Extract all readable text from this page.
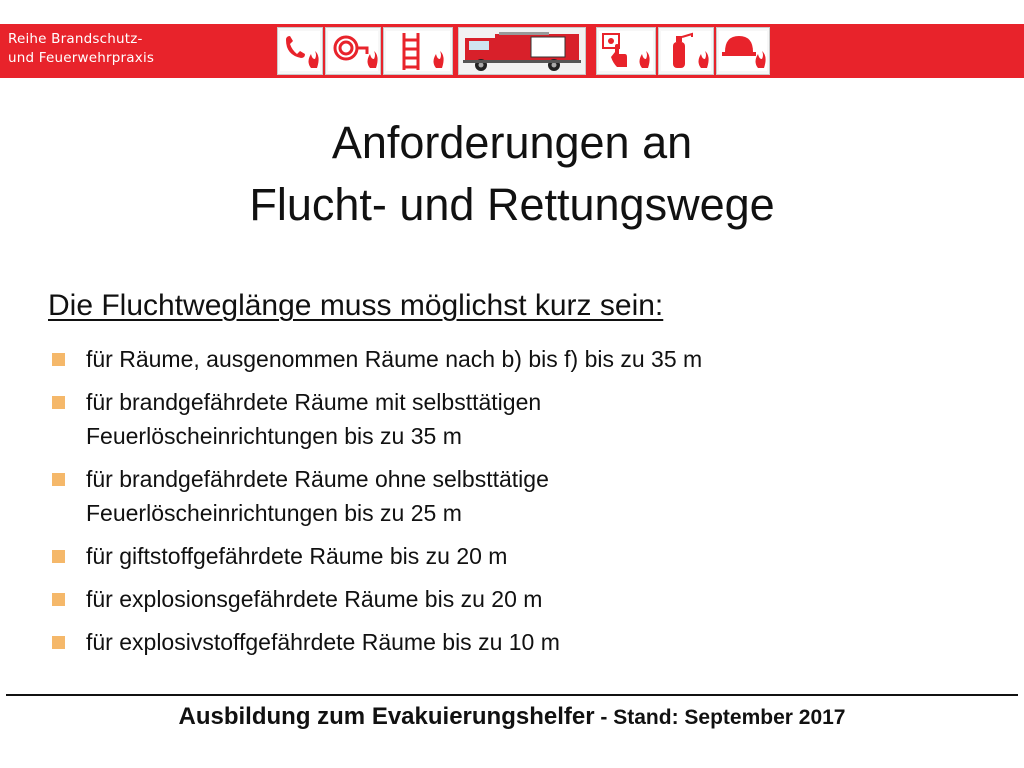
Reihe Brandschutz-
und Feuerwehrpraxis
Anforderungen an
Flucht- und Rettungswege
Die Fluchtweglänge muss möglichst kurz sein:
für Räume, ausgenommen Räume nach b) bis f) bis zu 35 m
für brandgefährdete Räume mit selbsttätigen
Feuerlöscheinrichtungen bis zu 35 m
für brandgefährdete Räume ohne selbsttätige
Feuerlöscheinrichtungen bis zu 25 m
für giftstoffgefährdete Räume bis zu 20 m
für explosionsgefährdete Räume bis zu 20 m
für explosivstoffgefährdete Räume bis zu 10 m
Ausbildung zum Evakuierungshelfer - Stand: September 2017
